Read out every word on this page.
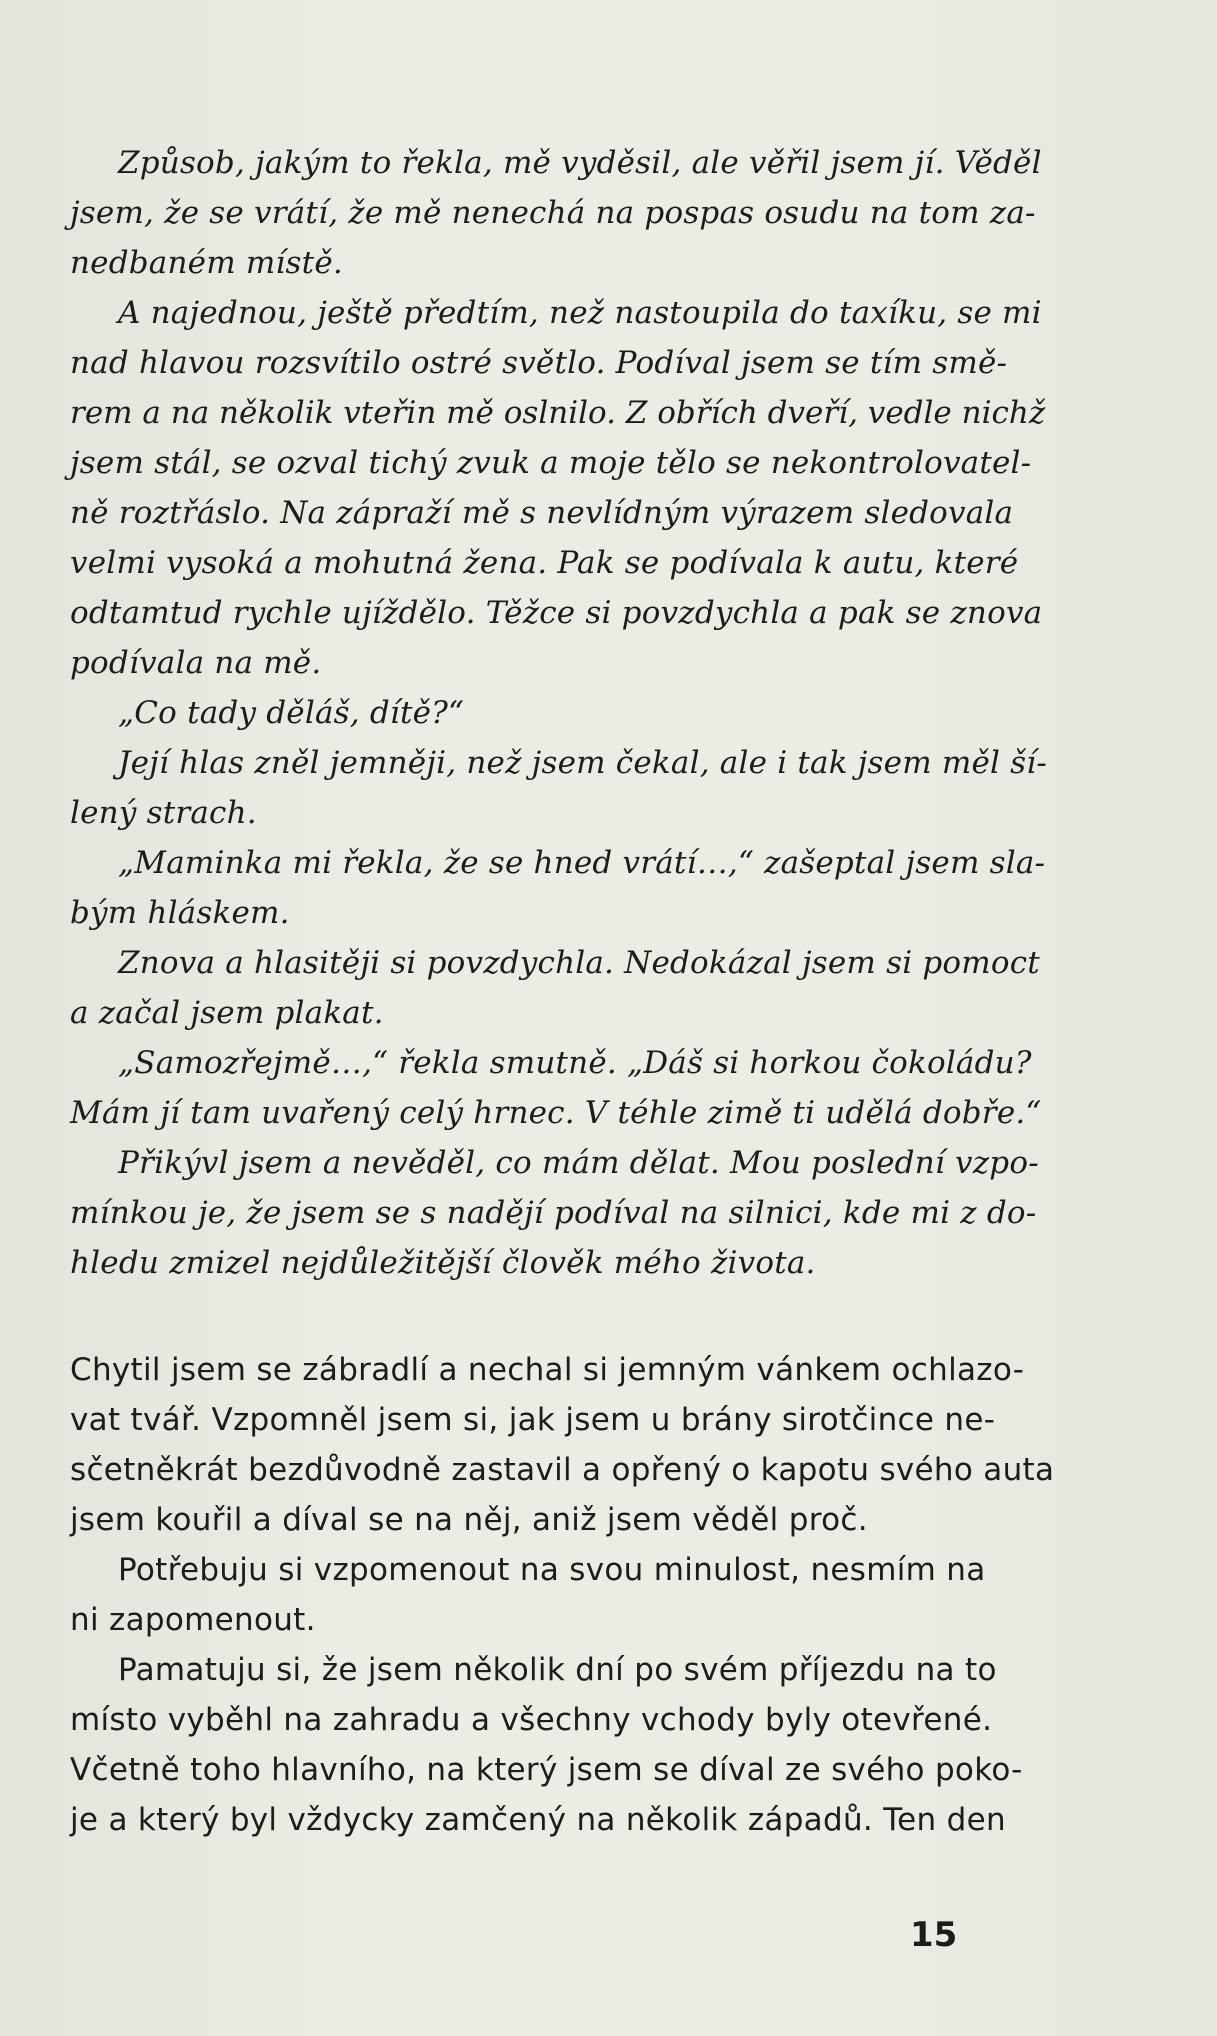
Způsob, jakým to řekla, mě vyděsil, ale věřil jsem jí. Věděl
jsem, že se vrátí, že mě nenechá na pospas osudu na tom za-
nedbaném místě.
A najednou, ještě předtím, než nastoupila do taxíku, se mi
nad hlavou rozsvítilo ostré světlo. Podíval jsem se tím smě-
rem a na několik vteřin mě oslnilo. Z obřích dveří, vedle nichž
jsem stál, se ozval tichý zvuk a moje tělo se nekontrolovatel-
ně roztřáslo. Na zápraží mě s nevlídným výrazem sledovala
velmi vysoká a mohutná žena. Pak se podívala k autu, které
odtamtud rychle ujíždělo. Těžce si povzdychla a pak se znova
podívala na mě.
„Co tady děláš, dítě?“
Její hlas zněl jemněji, než jsem čekal, ale i tak jsem měl ší-
lený strach.
„Maminka mi řekla, že se hned vrátí…,“ zašeptal jsem sla-
bým hláskem.
Znova a hlasitěji si povzdychla. Nedokázal jsem si pomoct
a začal jsem plakat.
„Samozřejmě…,“ řekla smutně. „Dáš si horkou čokoládu?
Mám jí tam uvařený celý hrnec. V téhle zimě ti udělá dobře.“
Přikývl jsem a nevěděl, co mám dělat. Mou poslední vzpo-
mínkou je, že jsem se s nadějí podíval na silnici, kde mi z do-
hledu zmizel nejdůležitější člověk mého života.
Chytil jsem se zábradlí a nechal si jemným vánkem ochlazo-
vat tvář. Vzpomněl jsem si, jak jsem u brány sirotčince ne-
sčetněkrát bezdůvodně zastavil a opřený o kapotu svého auta
jsem kouřil a díval se na něj, aniž jsem věděl proč.
Potřebuju si vzpomenout na svou minulost, nesmím na
ni zapomenout.
Pamatuju si, že jsem několik dní po svém příjezdu na to
místo vyběhl na zahradu a všechny vchody byly otevřené.
Včetně toho hlavního, na který jsem se díval ze svého poko-
je a který byl vždycky zamčený na několik západů. Ten den
15
